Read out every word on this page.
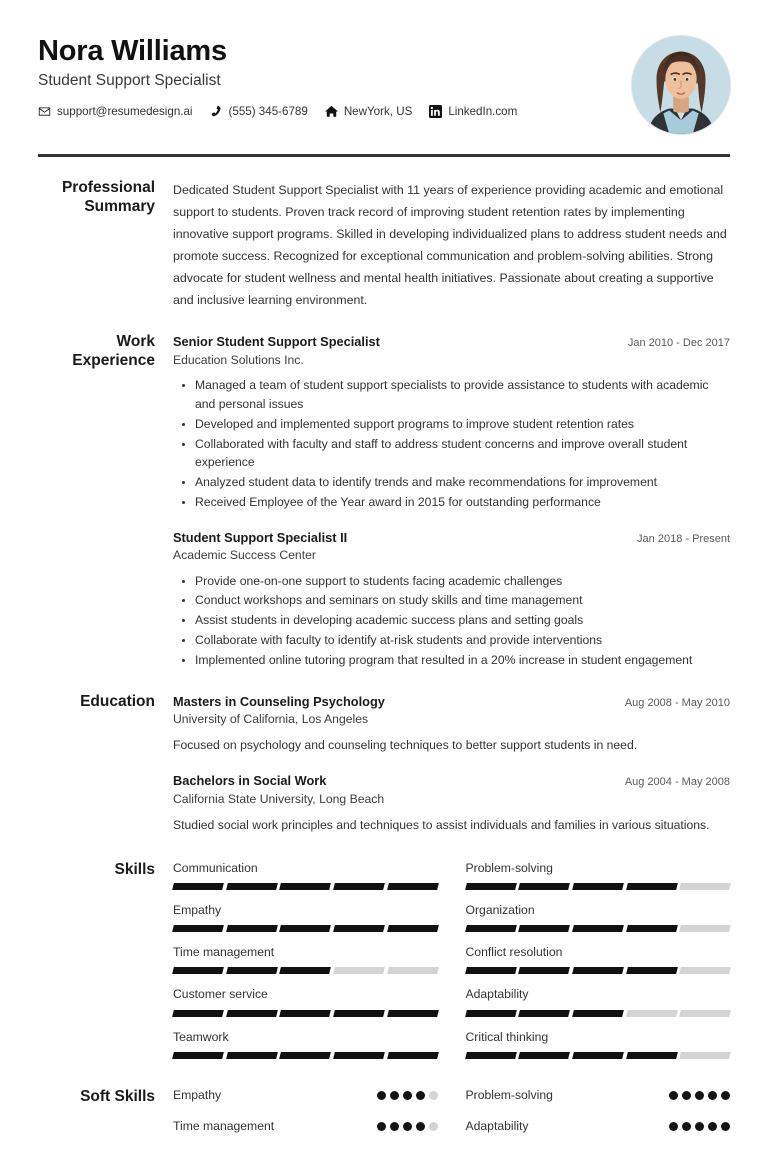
Nora Williams
Student Support Specialist
support@resumedesign.ai	(555) 345-6789	NewYork, US	LinkedIn.com
Professional Summary

Dedicated Student Support Specialist with 11 years of experience providing academic and emotional support to students. Proven track record of improving student retention rates by implementing innovative support programs. Skilled in developing individualized plans to address student needs and promote success. Recognized for exceptional communication and problem-solving abilities. Strong advocate for student wellness and mental health initiatives. Passionate about creating a supportive and inclusive learning environment.

Work Experience
Senior Student Support Specialist	Jan 2010 - Dec 2017
Education Solutions Inc.
Managed a team of student support specialists to provide assistance to students with academic and personal issues
Developed and implemented support programs to improve student retention rates
Collaborated with faculty and staff to address student concerns and improve overall student experience
Analyzed student data to identify trends and make recommendations for improvement
Received Employee of the Year award in 2015 for outstanding performance
Student Support Specialist II	Jan 2018 - Present
Academic Success Center
Provide one-on-one support to students facing academic challenges
Conduct workshops and seminars on study skills and time management
Assist students in developing academic success plans and setting goals
Collaborate with faculty to identify at-risk students and provide interventions
Implemented online tutoring program that resulted in a 20% increase in student engagement
Education	Masters in Counseling Psychology	Aug 2008 - May 2010
University of California, Los Angeles

Focused on psychology and counseling techniques to better support students in need.

Bachelors in Social Work	Aug 2004 - May 2008
California State University, Long Beach

Studied social work principles and techniques to assist individuals and families in various situations.

Skills	Communication	Problem-solving
Empathy	Organization
Time management	Conflict resolution
Customer service	Adaptability
Teamwork	Critical thinking
Soft Skills	Empathy	Problem-solving
Time management	Adaptability
